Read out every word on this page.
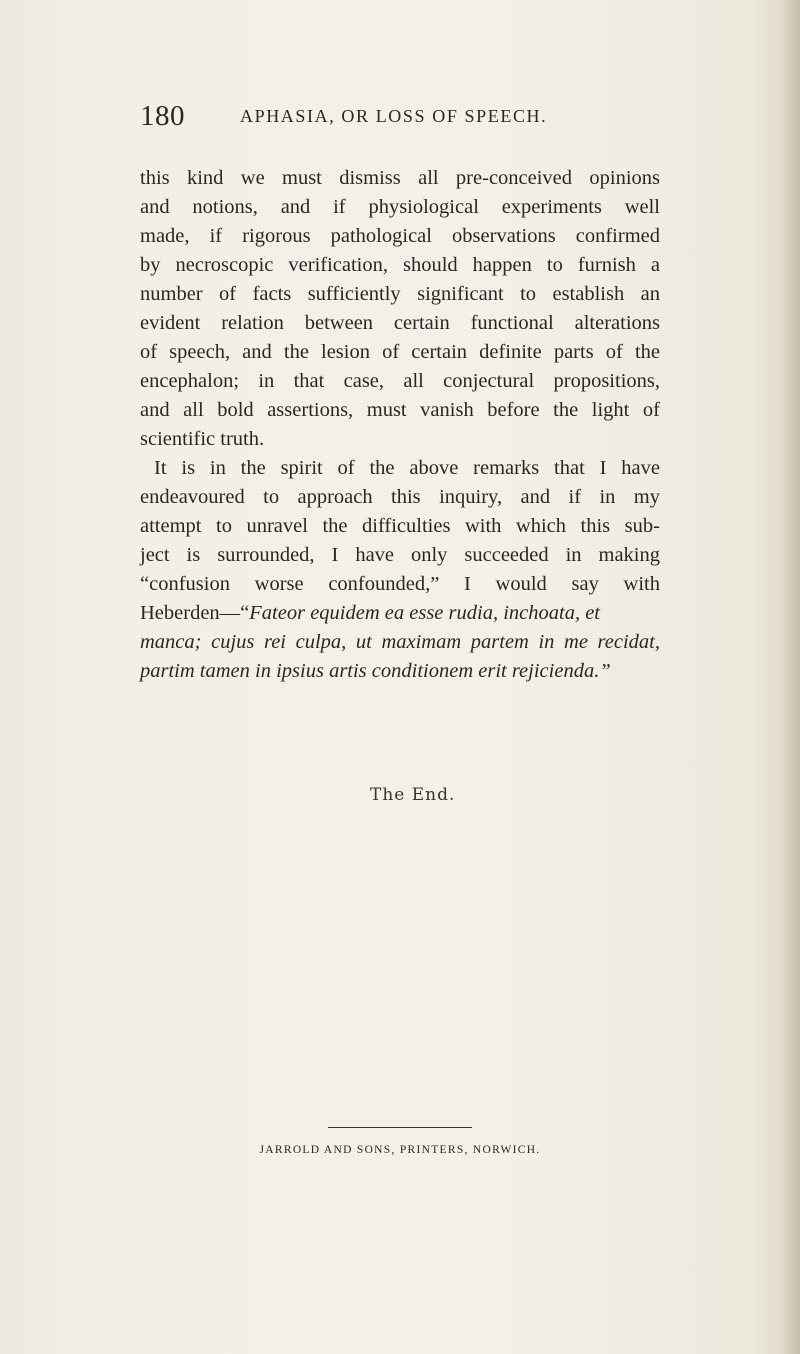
180	APHASIA, OR LOSS OF SPEECH.
this kind we must dismiss all pre-conceived opinions
and notions, and if physiological experiments well
made, if rigorous pathological observations confirmed
by necroscopic verification, should happen to furnish a
number of facts sufficiently significant to establish an
evident relation between certain functional alterations
of speech, and the lesion of certain definite parts of the
encephalon; in that case, all conjectural propositions,
and all bold assertions, must vanish before the light of
scientific truth.
It is in the spirit of the above remarks that I have
endeavoured to approach this inquiry, and if in my
attempt to unravel the difficulties with which this sub-
ject is surrounded, I have only succeeded in making
“confusion worse confounded,” I would say with
Heberden—“Fateor equidem ea esse rudia, inchoata, et
manca; cujus rei culpa, ut maximam partem in me recidat,
partim tamen in ipsius artis conditionem erit rejicienda.”
The End.
JARROLD AND SONS, PRINTERS, NORWICH.
